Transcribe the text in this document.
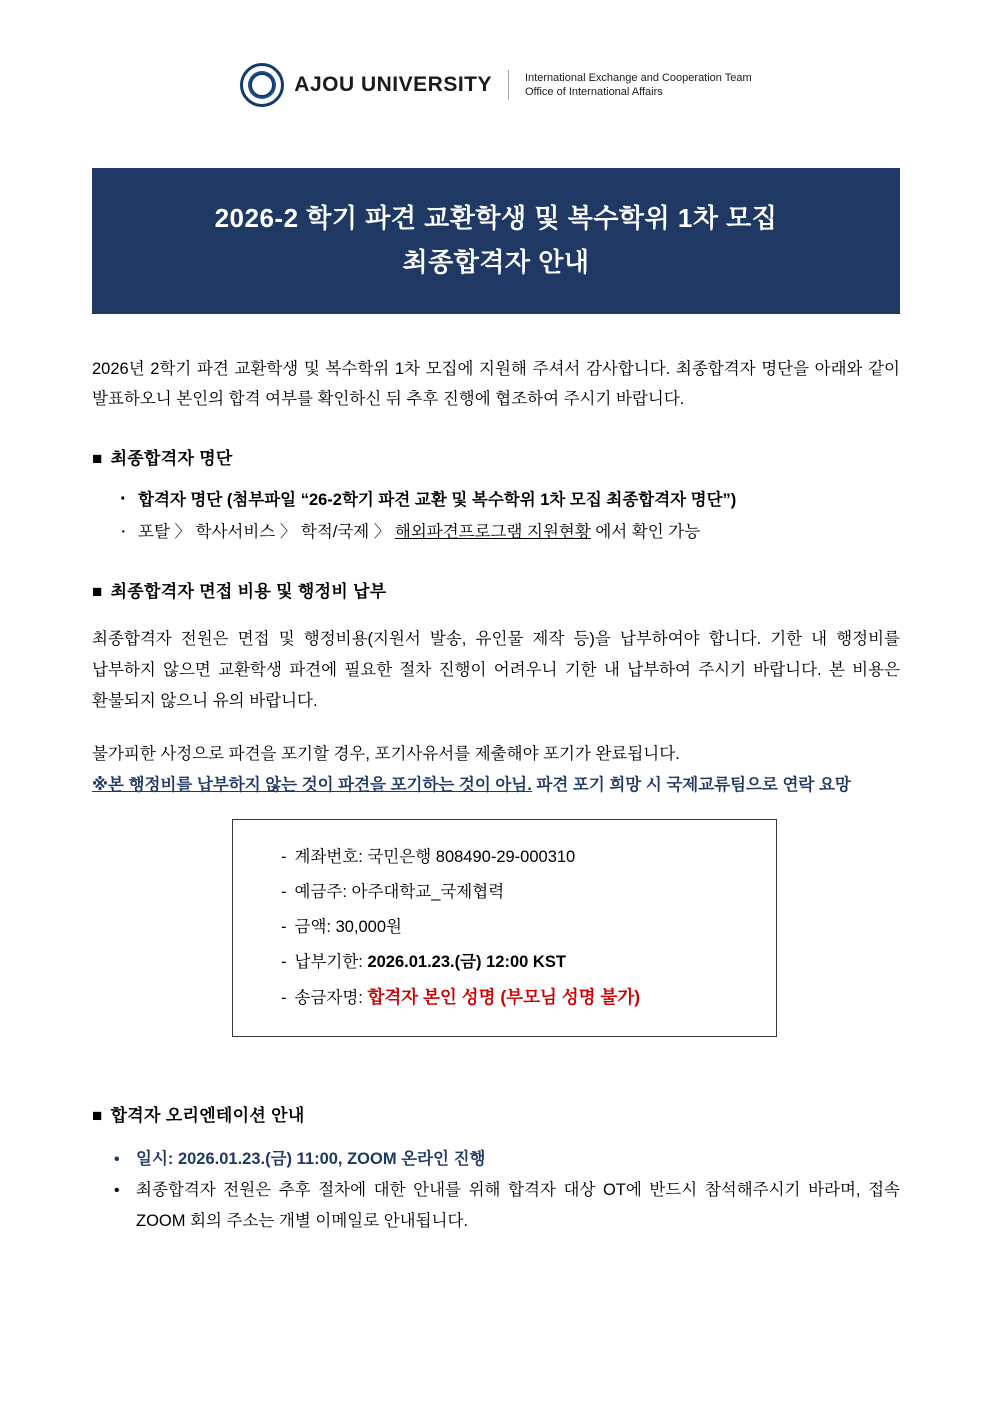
AJOU UNIVERSITY	International Exchange and Cooperation Team
Office of International Affairs
2026-2 학기 파견 교환학생 및 복수학위 1차 모집
최종합격자 안내
2026년 2학기 파견 교환학생 및 복수학위 1차 모집에 지원해 주셔서 감사합니다. 최종합격자 명단을 아래와 같이 발표하오니 본인의 합격 여부를 확인하신 뒤 추후 진행에 협조하여 주시기 바랍니다.
■ 최종합격자 명단
· 합격자 명단 (첨부파일 “26-2학기 파견 교환 및 복수학위 1차 모집 최종합격자 명단”)
· 포탈 〉 학사서비스 〉 학적/국제 〉 해외파견프로그램 지원현황 에서 확인 가능
■ 최종합격자 면접 비용 및 행정비 납부
최종합격자 전원은 면접 및 행정비용(지원서 발송, 유인물 제작 등)을 납부하여야 합니다. 기한 내 행정비를 납부하지 않으면 교환학생 파견에 필요한 절차 진행이 어려우니 기한 내 납부하여 주시기 바랍니다. 본 비용은 환불되지 않으니 유의 바랍니다.
불가피한 사정으로 파견을 포기할 경우, 포기사유서를 제출해야 포기가 완료됩니다.
※본 행정비를 납부하지 않는 것이 파견을 포기하는 것이 아님. 파견 포기 희망 시 국제교류팀으로 연락 요망
- 계좌번호: 국민은행 808490-29-000310
- 예금주: 아주대학교_국제협력
- 금액: 30,000원
- 납부기한: 2026.01.23.(금) 12:00 KST
- 송금자명: 합격자 본인 성명 (부모님 성명 불가)
■ 합격자 오리엔테이션 안내
• 일시: 2026.01.23.(금) 11:00, ZOOM 온라인 진행
• 최종합격자 전원은 추후 절차에 대한 안내를 위해 합격자 대상 OT에 반드시 참석해주시기 바라며, 접속 ZOOM 회의 주소는 개별 이메일로 안내됩니다.
